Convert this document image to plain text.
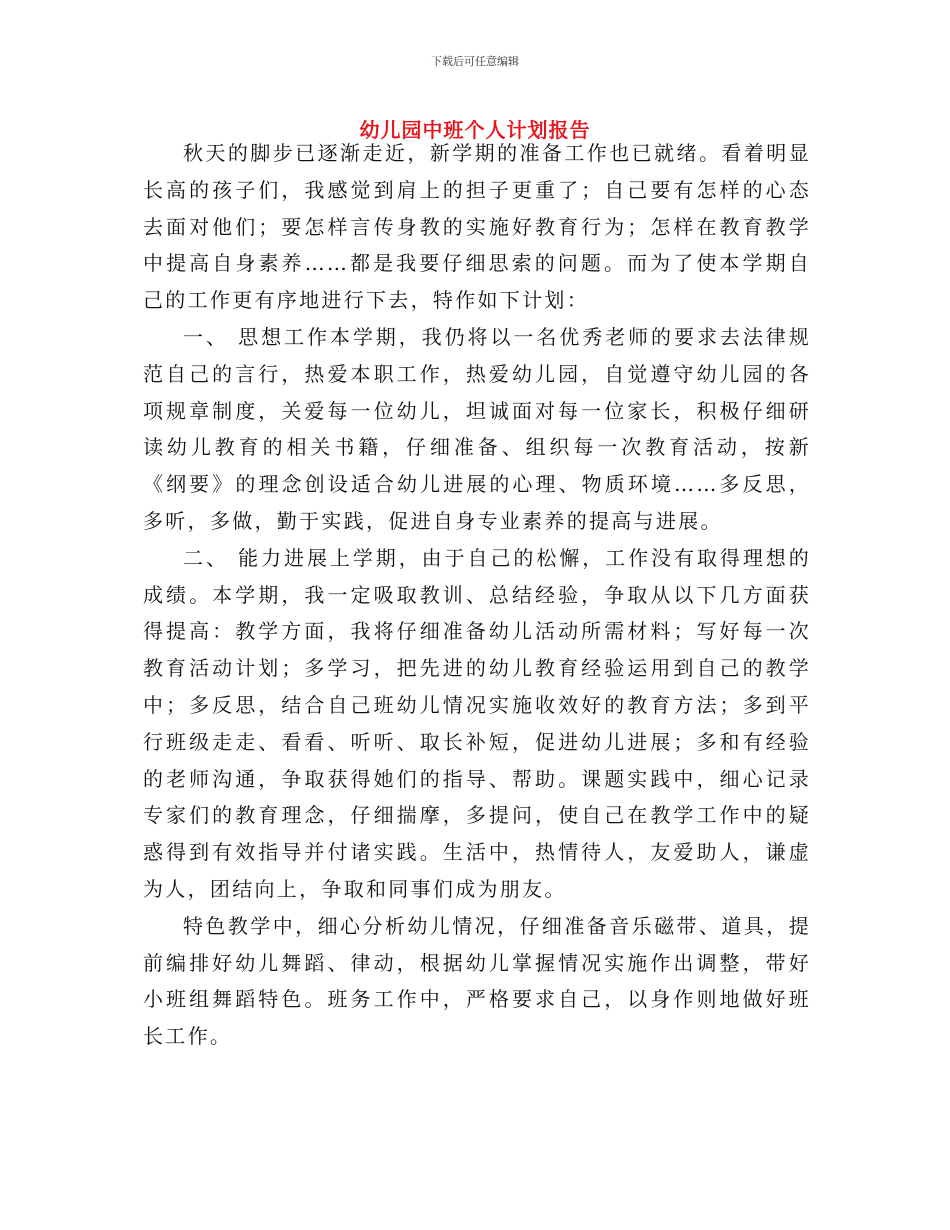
下载后可任意编辑
幼儿园中班个人计划报告

秋天的脚步已逐渐走近，新学期的准备工作也已就绪。看着明显长高的孩子们，我感觉到肩上的担子更重了；自己要有怎样的心态去面对他们；要怎样言传身教的实施好教育行为；怎样在教育教学中提高自身素养……都是我要仔细思索的问题。而为了使本学期自己的工作更有序地进行下去，特作如下计划：

一、 思想工作本学期，我仍将以一名优秀老师的要求去法律规范自己的言行，热爱本职工作，热爱幼儿园，自觉遵守幼儿园的各项规章制度，关爱每一位幼儿，坦诚面对每一位家长，积极仔细研读幼儿教育的相关书籍，仔细准备、组织每一次教育活动，按新《纲要》的理念创设适合幼儿进展的心理、物质环境……多反思，多听，多做，勤于实践，促进自身专业素养的提高与进展。

二、 能力进展上学期，由于自己的松懈，工作没有取得理想的成绩。本学期，我一定吸取教训、总结经验，争取从以下几方面获得提高：教学方面，我将仔细准备幼儿活动所需材料；写好每一次教育活动计划；多学习，把先进的幼儿教育经验运用到自己的教学中；多反思，结合自己班幼儿情况实施收效好的教育方法；多到平行班级走走、看看、听听、取长补短，促进幼儿进展；多和有经验的老师沟通，争取获得她们的指导、帮助。课题实践中，细心记录专家们的教育理念，仔细揣摩，多提问，使自己在教学工作中的疑惑得到有效指导并付诸实践。生活中，热情待人，友爱助人，谦虚为人，团结向上，争取和同事们成为朋友。

特色教学中，细心分析幼儿情况，仔细准备音乐磁带、道具，提前编排好幼儿舞蹈、律动，根据幼儿掌握情况实施作出调整，带好小班组舞蹈特色。班务工作中，严格要求自己，以身作则地做好班长工作。
